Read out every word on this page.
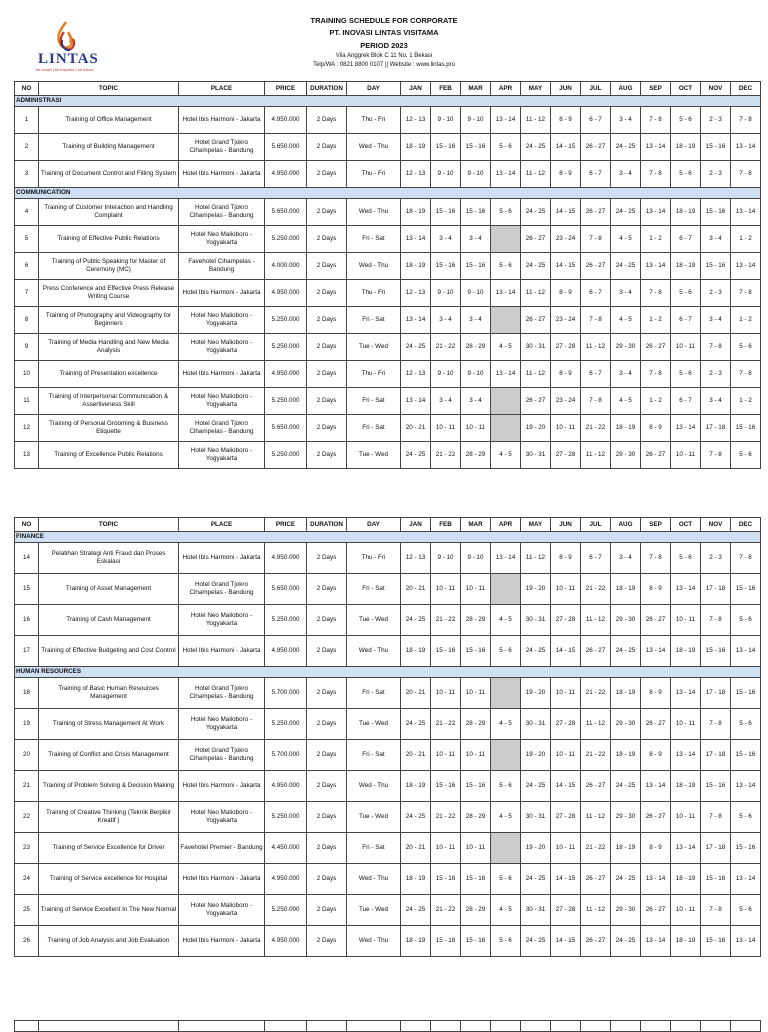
LINTAS
be smart | be inspired | be future
TRAINING SCHEDULE FOR CORPORATE
PT. INOVASI LINTAS VISITAMA
PERIOD 2023
Vila Anggrek Blok C 11 No. 1 Bekasi
Telp/WA : 0821 8800 0107 || Website : www.lintas.pro
NO	TOPIC	PLACE	PRICE	DURATION	DAY	JAN	FEB	MAR	APR	MAY	JUN	JUL	AUG	SEP	OCT	NOV	DEC
ADMINISTRASI																	
1	Training of Office Management	Hotel Ibis Harmoni - Jakarta	4.950.000	2 Days	Thu - Fri	12 - 13	9 - 10	9 - 10	13 - 14	11 - 12	8 - 9	6 - 7	3 - 4	7 - 8	5 - 6	2 - 3	7 - 8
2	Training of Building Management	Hotel Grand Tjokro Cihampelas - Bandung	5.650.000	2 Days	Wed - Thu	18 - 19	15 - 16	15 - 16	5 - 6	24 - 25	14 - 15	26 - 27	24 - 25	13 - 14	18 - 19	15 - 16	13 - 14
3	Training of Document Control and Filling System	Hotel Ibis Harmoni - Jakarta	4.950.000	2 Days	Thu - Fri	12 - 13	9 - 10	9 - 10	13 - 14	11 - 12	8 - 9	6 - 7	3 - 4	7 - 8	5 - 6	2 - 3	7 - 8
COMMUNICATION																	
4	Training of Customer Interaction and Handling Complaint	Hotel Grand Tjokro Cihampelas - Bandung	5.650.000	2 Days	Wed - Thu	18 - 19	15 - 16	15 - 16	5 - 6	24 - 25	14 - 15	26 - 27	24 - 25	13 - 14	18 - 19	15 - 16	13 - 14
5	Training of Effective Public Relations	Hotel Neo Malioboro - Yogyakarta	5.250.000	2 Days	Fri - Sat	13 - 14	3 - 4	3 - 4		26 - 27	23 - 24	7 - 8	4 - 5	1 - 2	6 - 7	3 - 4	1 - 2
6	Training of Public Speaking for Master of Ceremony (MC)	Favehotel Cihampelas - Bandung	4.000.000	2 Days	Wed - Thu	18 - 19	15 - 16	15 - 16	5 - 6	24 - 25	14 - 15	26 - 27	24 - 25	13 - 14	18 - 19	15 - 16	13 - 14
7	Press Conference and Effective Press Release Writing Course	Hotel Ibis Harmoni - Jakarta	4.950.000	2 Days	Thu - Fri	12 - 13	9 - 10	9 - 10	13 - 14	11 - 12	8 - 9	6 - 7	3 - 4	7 - 8	5 - 6	2 - 3	7 - 8
8	Training of Photography and Videography for Beginners	Hotel Neo Malioboro - Yogyakarta	5.250.000	2 Days	Fri - Sat	13 - 14	3 - 4	3 - 4		26 - 27	23 - 24	7 - 8	4 - 5	1 - 2	6 - 7	3 - 4	1 - 2
9	Training of Media Handling and New Media Analysis	Hotel Neo Malioboro - Yogyakarta	5.250.000	2 Days	Tue - Wed	24 - 25	21 - 22	28 - 29	4 - 5	30 - 31	27 - 28	11 - 12	29 - 30	26 - 27	10 - 11	7 - 8	5 - 6
10	Training of Presentation excellence	Hotel Ibis Harmoni - Jakarta	4.950.000	2 Days	Thu - Fri	12 - 13	9 - 10	9 - 10	13 - 14	11 - 12	8 - 9	6 - 7	3 - 4	7 - 8	5 - 6	2 - 3	7 - 8
11	Training of Interpersonal Communication & Assertiveness Skill	Hotel Neo Malioboro - Yogyakarta	5.250.000	2 Days	Fri - Sat	13 - 14	3 - 4	3 - 4		26 - 27	23 - 24	7 - 8	4 - 5	1 - 2	6 - 7	3 - 4	1 - 2
12	Training of Personal Grooming & Business Etiquette	Hotel Grand Tjokro Cihampelas - Bandung	5.650.000	2 Days	Fri - Sat	20 - 21	10 - 11	10 - 11		19 - 20	10 - 11	21 - 22	18 - 19	8 - 9	13 - 14	17 - 18	15 - 16
13	Training of Excellence Public Relations	Hotel Neo Malioboro - Yogyakarta	5.250.000	2 Days	Tue - Wed	24 - 25	21 - 22	28 - 29	4 - 5	30 - 31	27 - 28	11 - 12	29 - 30	26 - 27	10 - 11	7 - 8	5 - 6
NO	TOPIC	PLACE	PRICE	DURATION	DAY	JAN	FEB	MAR	APR	MAY	JUN	JUL	AUG	SEP	OCT	NOV	DEC
FINANCE																	
14	Pelatihan Strategi Anti Fraud dan Proses Eskalasi	Hotel Ibis Harmoni - Jakarta	4.950.000	2 Days	Thu - Fri	12 - 13	9 - 10	9 - 10	13 - 14	11 - 12	8 - 9	6 - 7	3 - 4	7 - 8	5 - 6	2 - 3	7 - 8
15	Training of Asset Management	Hotel Grand Tjokro Cihampelas - Bandung	5.650.000	2 Days	Fri - Sat	20 - 21	10 - 11	10 - 11		19 - 20	10 - 11	21 - 22	18 - 19	8 - 9	13 - 14	17 - 18	15 - 16
16	Training of Cash Management	Hotel Neo Malioboro - Yogyakarta	5.250.000	2 Days	Tue - Wed	24 - 25	21 - 22	28 - 29	4 - 5	30 - 31	27 - 28	11 - 12	29 - 30	26 - 27	10 - 11	7 - 8	5 - 6
17	Training of Effective Budgeting and Cost Control	Hotel Ibis Harmoni - Jakarta	4.950.000	2 Days	Wed - Thu	18 - 19	15 - 16	15 - 16	5 - 6	24 - 25	14 - 15	26 - 27	24 - 25	13 - 14	18 - 19	15 - 16	13 - 14
HUMAN RESOURCES																	
18	Training of Basic Human Resources Management	Hotel Grand Tjokro Cihampelas - Bandung	5.700.000	2 Days	Fri - Sat	20 - 21	10 - 11	10 - 11		19 - 20	10 - 11	21 - 22	18 - 19	8 - 9	13 - 14	17 - 18	15 - 16
19	Training of Stress Management At Work	Hotel Neo Malioboro - Yogyakarta	5.250.000	2 Days	Tue - Wed	24 - 25	21 - 22	28 - 29	4 - 5	30 - 31	27 - 28	11 - 12	29 - 30	26 - 27	10 - 11	7 - 8	5 - 6
20	Training of Conflict and Crisis Management	Hotel Grand Tjokro Cihampelas - Bandung	5.700.000	2 Days	Fri - Sat	20 - 21	10 - 11	10 - 11		19 - 20	10 - 11	21 - 22	18 - 19	8 - 9	13 - 14	17 - 18	15 - 16
21	Training of Problem Solving & Decision Making	Hotel Ibis Harmoni - Jakarta	4.950.000	2 Days	Wed - Thu	18 - 19	15 - 16	15 - 16	5 - 6	24 - 25	14 - 15	26 - 27	24 - 25	13 - 14	18 - 19	15 - 16	13 - 14
22	Training of Creative Thinking (Teknik Berpikir Kreatif )	Hotel Neo Malioboro - Yogyakarta	5.250.000	2 Days	Tue - Wed	24 - 25	21 - 22	28 - 29	4 - 5	30 - 31	27 - 28	11 - 12	29 - 30	26 - 27	10 - 11	7 - 8	5 - 6
23	Training of Service Excellence for Driver	Favehotel Premier - Bandung	4.450.000	2 Days	Fri - Sat	20 - 21	10 - 11	10 - 11		19 - 20	10 - 11	21 - 22	18 - 19	8 - 9	13 - 14	17 - 18	15 - 16
24	Training of Service excellence for Hospital	Hotel Ibis Harmoni - Jakarta	4.950.000	2 Days	Wed - Thu	18 - 19	15 - 16	15 - 16	5 - 6	24 - 25	14 - 15	26 - 27	24 - 25	13 - 14	18 - 19	15 - 16	13 - 14
25	Training of Service Excellent In The New Normal	Hotel Neo Malioboro - Yogyakarta	5.250.000	2 Days	Tue - Wed	24 - 25	21 - 22	28 - 29	4 - 5	30 - 31	27 - 28	11 - 12	29 - 30	26 - 27	10 - 11	7 - 8	5 - 6
26	Training of Job Analysis and Job Evaluation	Hotel Ibis Harmoni - Jakarta	4.950.000	2 Days	Wed - Thu	18 - 19	15 - 16	15 - 16	5 - 6	24 - 25	14 - 15	26 - 27	24 - 25	13 - 14	18 - 19	15 - 16	13 - 14
